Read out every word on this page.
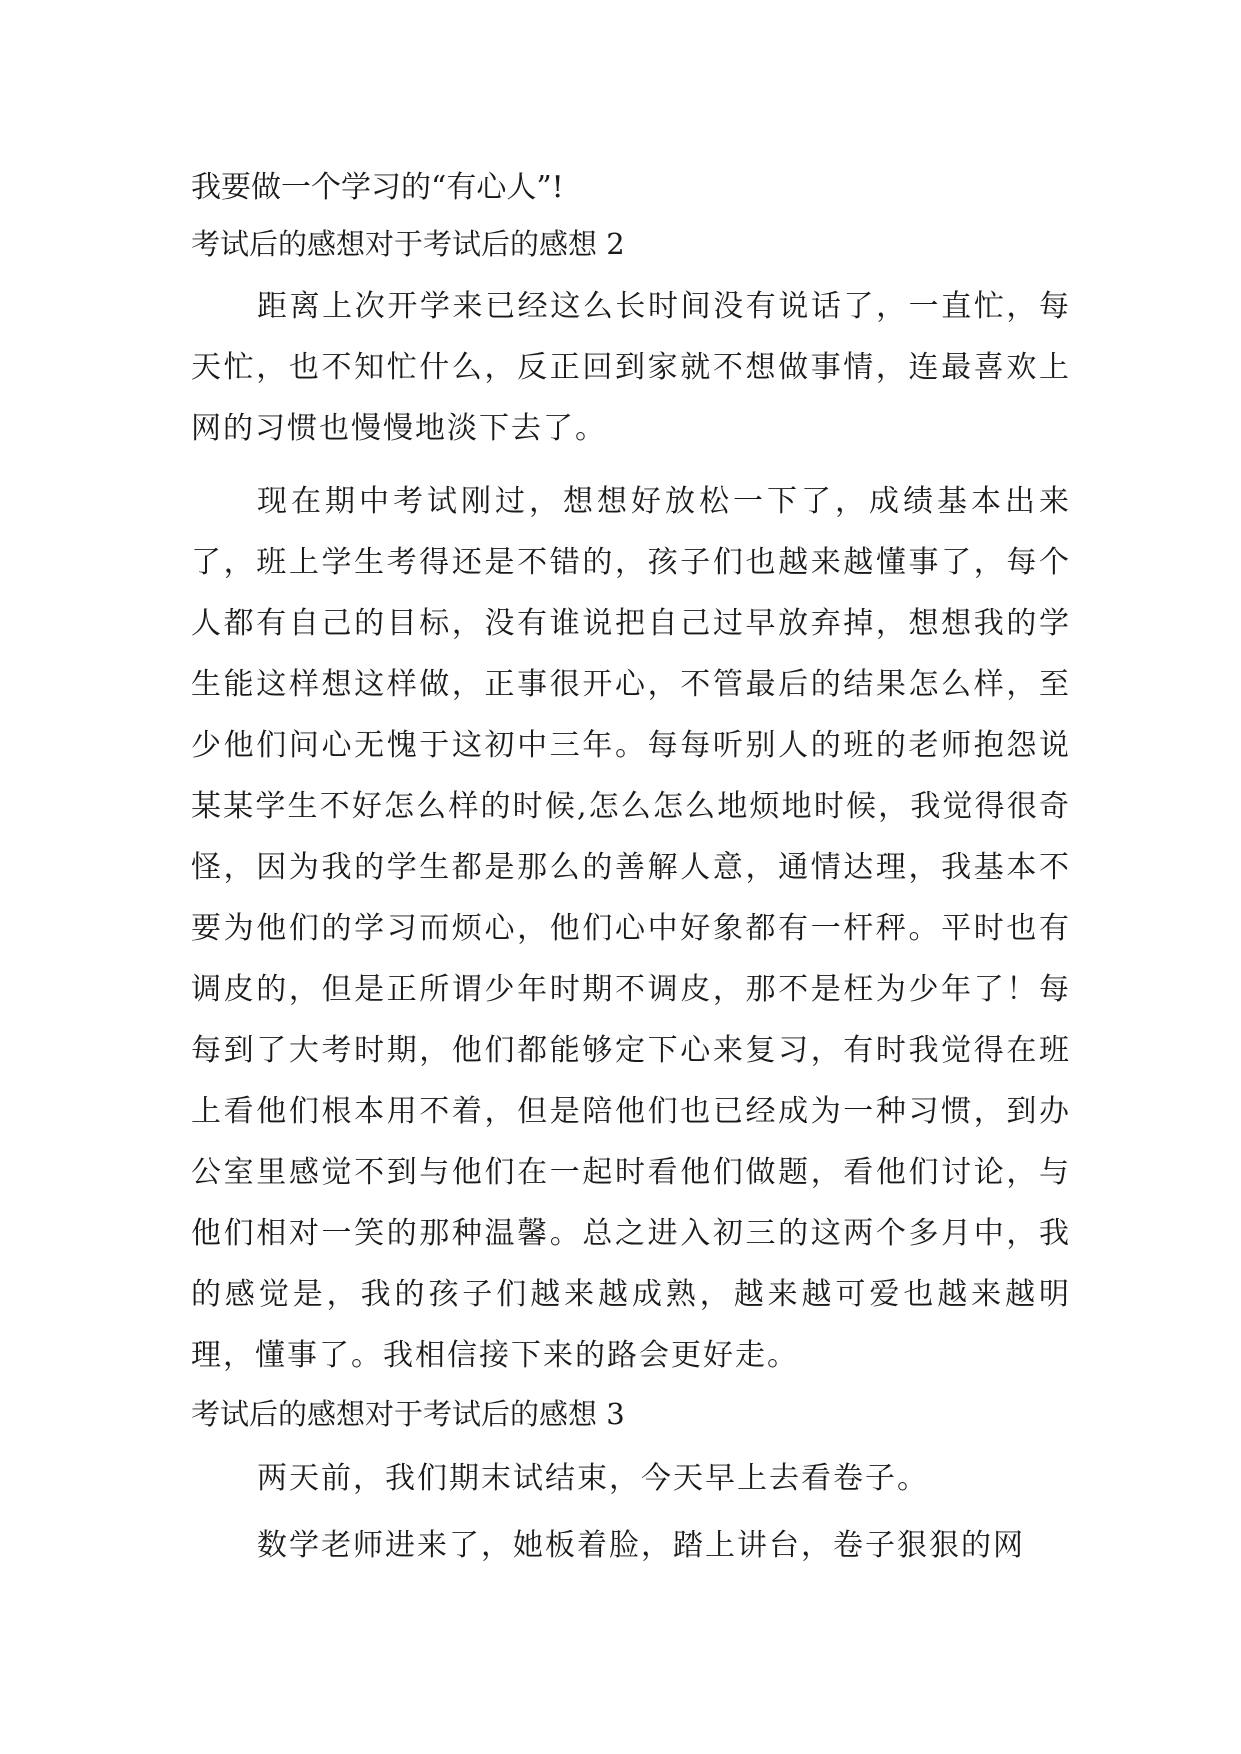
我要做一个学习的“有心人”!
考试后的感想对于考试后的感想 2

距离上次开学来已经这么长时间没有说话了，一直忙，每天忙，也不知忙什么，反正回到家就不想做事情，连最喜欢上网的习惯也慢慢地淡下去了。

现在期中考试刚过，想想好放松一下了，成绩基本出来了，班上学生考得还是不错的，孩子们也越来越懂事了，每个人都有自己的目标，没有谁说把自己过早放弃掉，想想我的学生能这样想这样做，正事很开心，不管最后的结果怎么样，至少他们问心无愧于这初中三年。每每听别人的班的老师抱怨说某某学生不好怎么样的时候,怎么怎么地烦地时候，我觉得很奇怪，因为我的学生都是那么的善解人意，通情达理，我基本不要为他们的学习而烦心，他们心中好象都有一杆秤。平时也有调皮的，但是正所谓少年时期不调皮，那不是枉为少年了！每每到了大考时期，他们都能够定下心来复习，有时我觉得在班上看他们根本用不着，但是陪他们也已经成为一种习惯，到办公室里感觉不到与他们在一起时看他们做题，看他们讨论，与他们相对一笑的那种温馨。总之进入初三的这两个多月中，我的感觉是，我的孩子们越来越成熟，越来越可爱也越来越明理，懂事了。我相信接下来的路会更好走。

考试后的感想对于考试后的感想 3

两天前，我们期末试结束，今天早上去看卷子。

数学老师进来了，她板着脸，踏上讲台，卷子狠狠的网
